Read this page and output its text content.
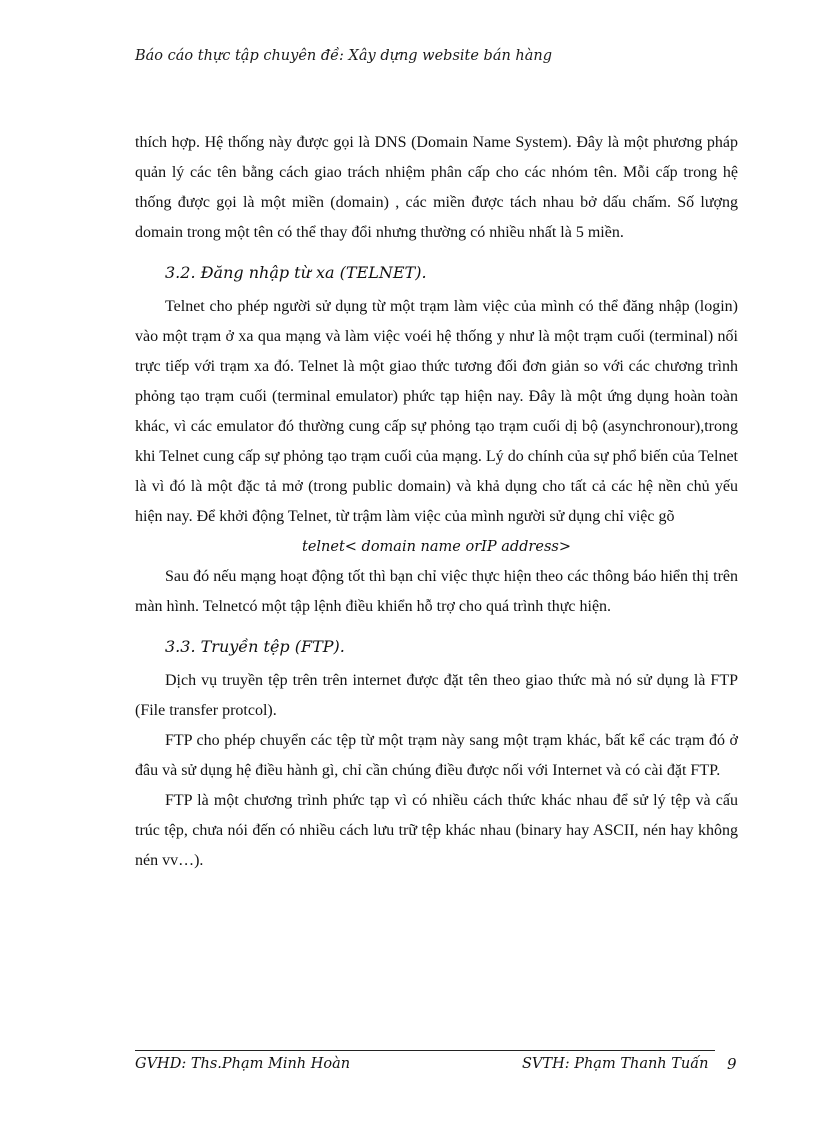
Báo cáo thực tập chuyên đề: Xây dựng website bán hàng

thích hợp. Hệ thống này được gọi là DNS (Domain Name System). Đây là một phương pháp quản lý các tên bằng cách giao trách nhiệm phân cấp cho các nhóm tên. Mỗi cấp trong hệ thống được gọi là một miền (domain) , các miền được tách nhau bở dấu chấm. Số lượng domain trong một tên có thể thay đổi nhưng thường có nhiều nhất là 5 miền.

3.2. Đăng nhập từ xa (TELNET).

Telnet cho phép người sử dụng từ một trạm làm việc của mình có thể đăng nhập (login) vào một trạm ở xa qua mạng và làm việc voéi hệ thống y như là một trạm cuối (terminal) nối trực tiếp với trạm xa đó. Telnet là một giao thức tương đối đơn giản so với các chương trình phỏng tạo trạm cuối (terminal emulator) phức tạp hiện nay. Đây là một ứng dụng hoàn toàn khác, vì các emulator đó thường cung cấp sự phỏng tạo trạm cuối dị bộ (asynchronour),trong khi Telnet cung cấp sự phỏng tạo trạm cuối của mạng. Lý do chính của sự phổ biến của Telnet là vì đó là một đặc tả mở (trong public domain) và khả dụng cho tất cả các hệ nền chủ yếu hiện nay. Để khởi động Telnet, từ trậm làm việc của mình người sử dụng chỉ việc gõ

telnet< domain name orIP address>

Sau đó nếu mạng hoạt động tốt thì bạn chỉ việc thực hiện theo các thông báo hiển thị trên màn hình. Telnetcó một tập lệnh điều khiển hỗ trợ cho quá trình thực hiện.

3.3. Truyền tệp (FTP).

Dịch vụ truyền tệp trên trên internet được đặt tên theo giao thức mà nó sử dụng là FTP (File transfer protcol).

FTP cho phép chuyển các tệp từ một trạm này sang một trạm khác, bất kể các trạm đó ở đâu và sử dụng hệ điều hành gì, chỉ cần chúng điều được nối với Internet và có cài đặt FTP.

FTP là một chương trình phức tạp vì có nhiều cách thức khác nhau để sử lý tệp và cấu trúc tệp, chưa nói đến có nhiều cách lưu trữ tệp khác nhau (binary hay ASCII, nén hay không nén vv…).

GVHD: Ths.Phạm Minh Hoàn	SVTH: Phạm Thanh Tuấn 9
